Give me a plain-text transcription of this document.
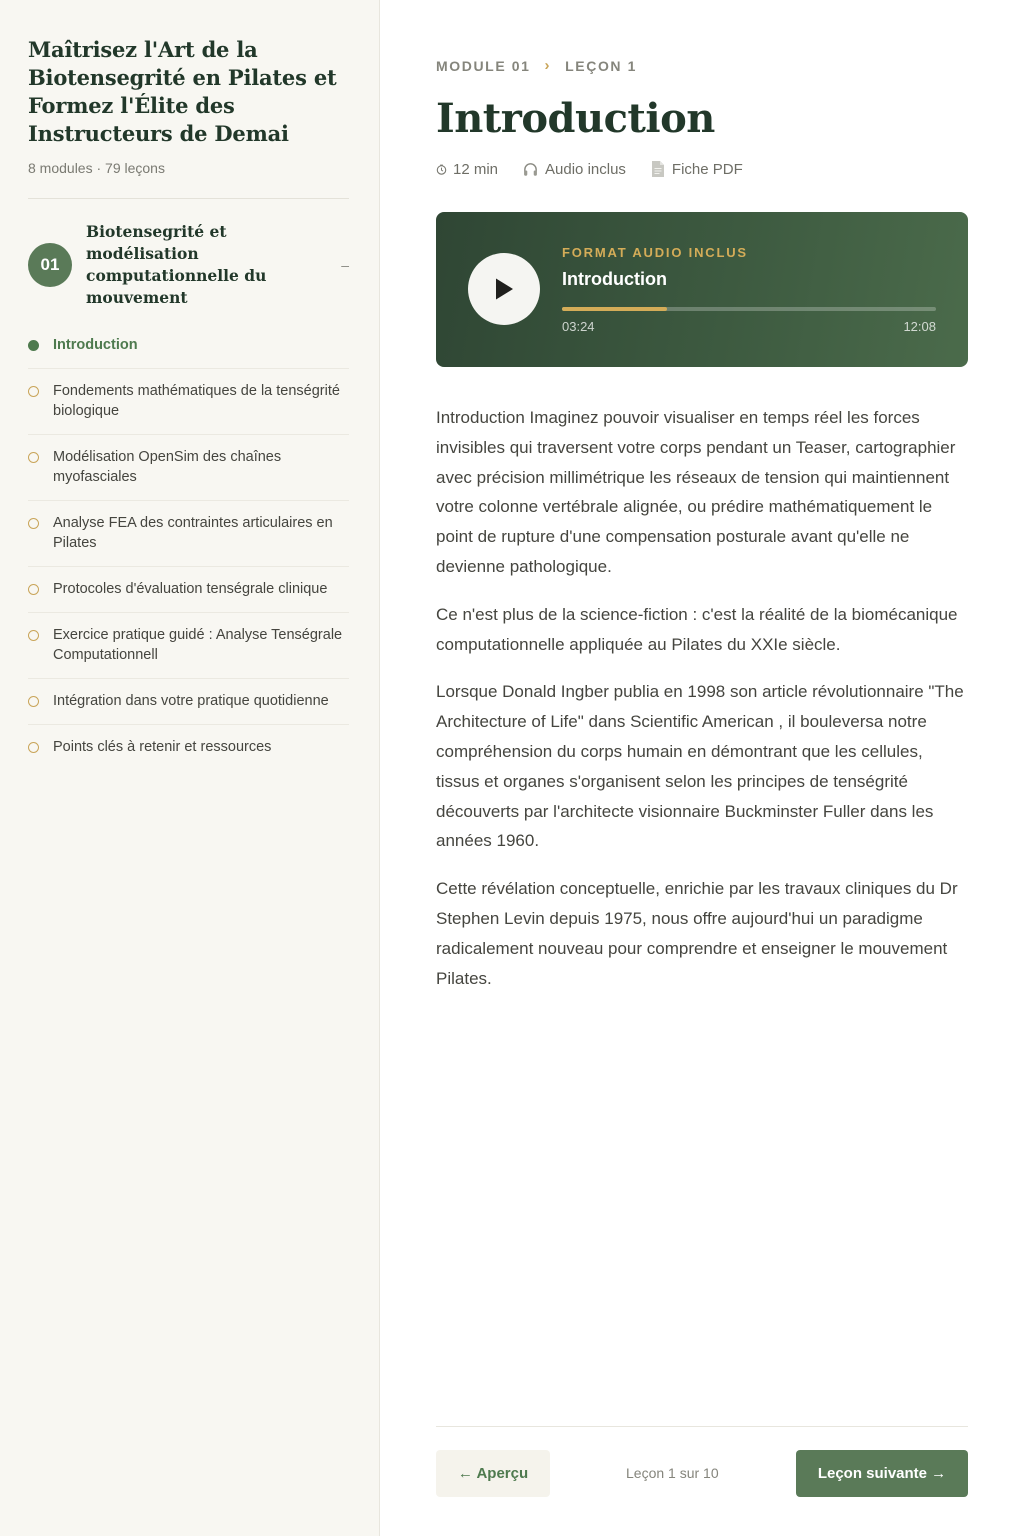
Maîtrisez l'Art de la Biotensegrité en Pilates et Formez l'Élite des Instructeurs de Demai
8 modules · 79 leçons
01
Biotensegrité et modélisation computationnelle du mouvement
–
Introduction
Fondements mathématiques de la tenségrité biologique
Modélisation OpenSim des chaînes myofasciales
Analyse FEA des contraintes articulaires en Pilates
Protocoles d'évaluation tenségrale clinique
Exercice pratique guidé : Analyse Tenségrale Computationnell
Intégration dans votre pratique quotidienne
Points clés à retenir et ressources
MODULE 01 › LEÇON 1
Introduction
12 min	Audio inclus	Fiche PDF
FORMAT AUDIO INCLUS
Introduction
03:24	12:08

Introduction Imaginez pouvoir visualiser en temps réel les forces invisibles qui traversent votre corps pendant un Teaser, cartographier avec précision millimétrique les réseaux de tension qui maintiennent votre colonne vertébrale alignée, ou prédire mathématiquement le point de rupture d'une compensation posturale avant qu'elle ne devienne pathologique.

Ce n'est plus de la science-fiction : c'est la réalité de la biomécanique computationnelle appliquée au Pilates du XXIe siècle.

Lorsque Donald Ingber publia en 1998 son article révolutionnaire "The Architecture of Life" dans Scientific American , il bouleversa notre compréhension du corps humain en démontrant que les cellules, tissus et organes s'organisent selon les principes de tenségrité découverts par l'architecte visionnaire Buckminster Fuller dans les années 1960.

Cette révélation conceptuelle, enrichie par les travaux cliniques du Dr Stephen Levin depuis 1975, nous offre aujourd'hui un paradigme radicalement nouveau pour comprendre et enseigner le mouvement Pilates.

← Aperçu	Leçon 1 sur 10	Leçon suivante →
